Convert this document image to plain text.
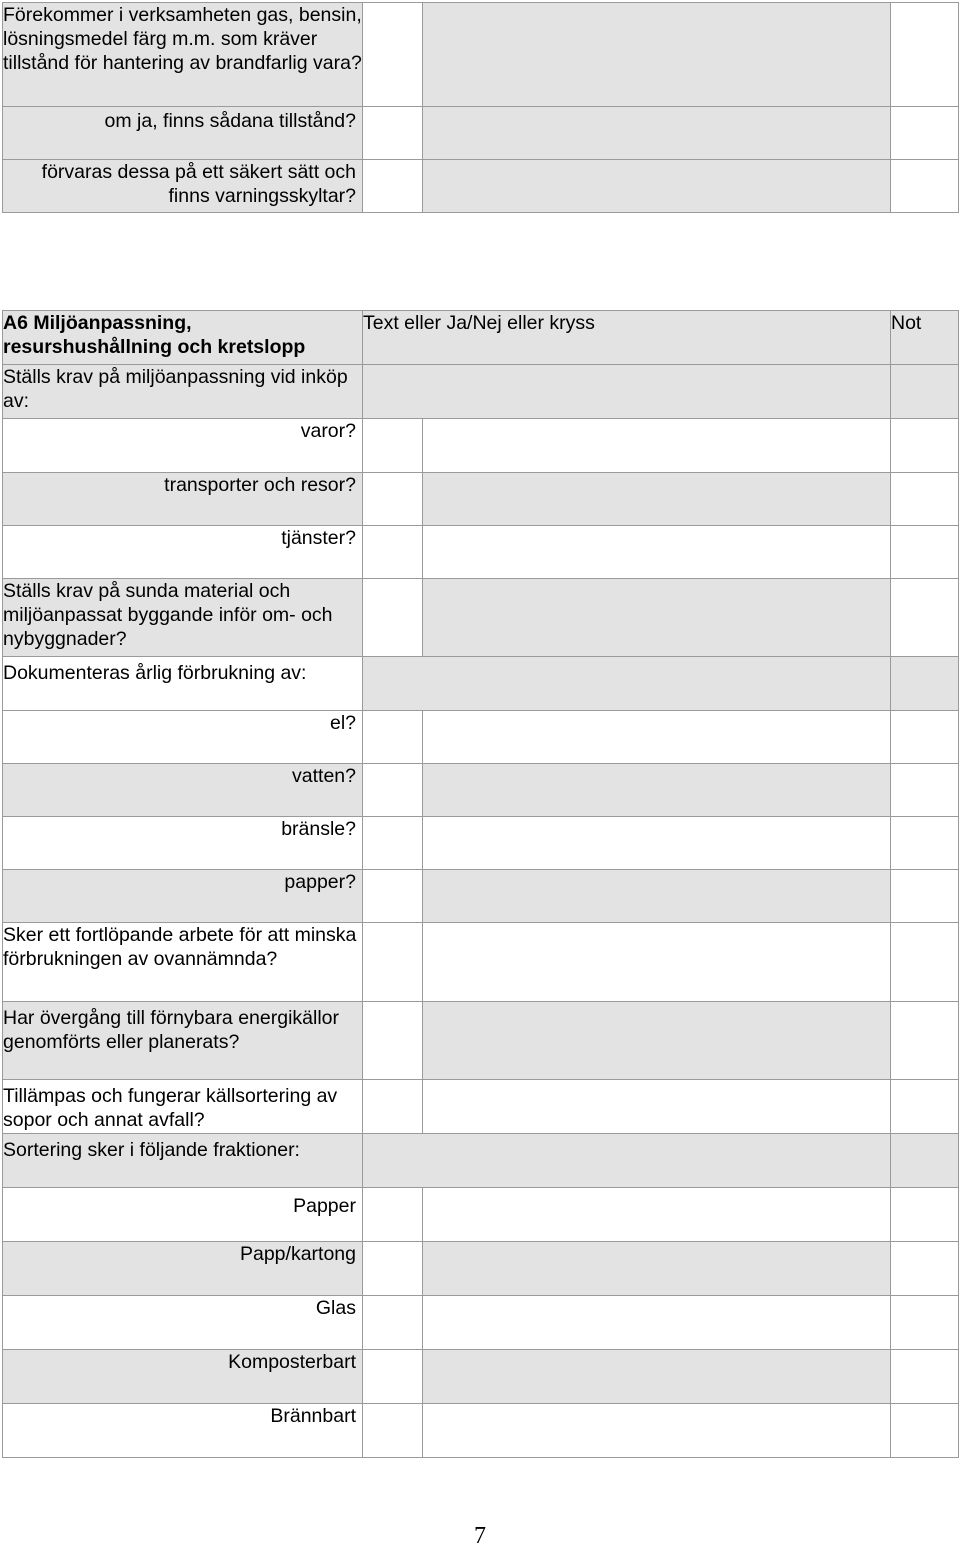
Förekommer i verksamheten gas, bensin, lösningsmedel färg m.m. som kräver tillstånd för hantering av brandfarlig vara?			
om ja, finns sådana tillstånd?			
förvaras dessa på ett säkert sätt och finns varningsskyltar?			
A6 Miljöanpassning, resurshushållning och kretslopp	Text eller Ja/Nej eller kryss		Not
Ställs krav på miljöanpassning vid inköp av:			
varor?			
transporter och resor?			
tjänster?			
Ställs krav på sunda material och miljöanpassat byggande inför om- och nybyggnader?			
Dokumenteras årlig förbrukning av:			
el?			
vatten?			
bränsle?			
papper?			
Sker ett fortlöpande arbete för att minska förbrukningen av ovannämnda?			
Har övergång till förnybara energikällor genomförts eller planerats?			
Tillämpas och fungerar källsortering av sopor och annat avfall?			
Sortering sker i följande fraktioner:			
Papper			
Papp/kartong			
Glas			
Komposterbart			
Brännbart			
7
